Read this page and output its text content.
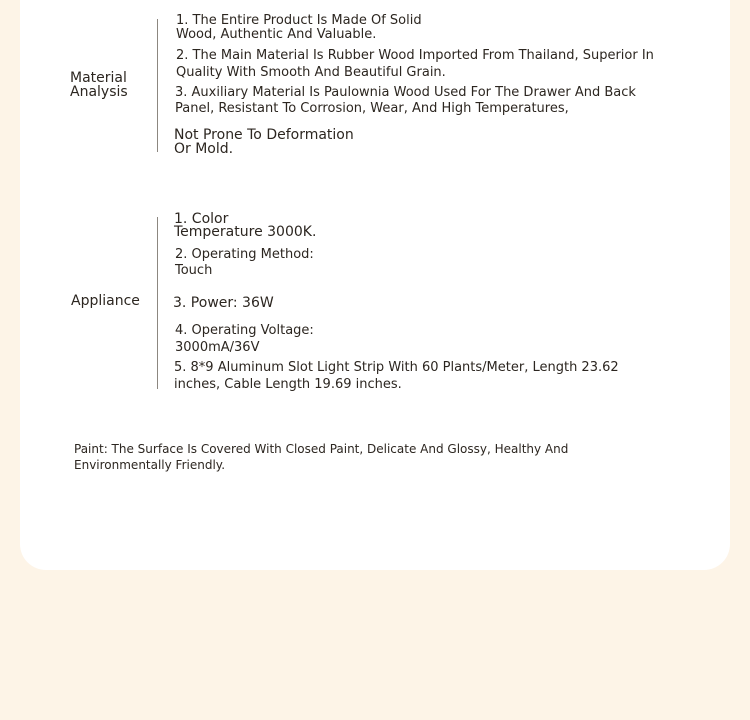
Material

Analysis

1. The Entire Product Is Made Of Solid

Wood, Authentic And Valuable.

2. The Main Material Is Rubber Wood Imported From Thailand, Superior In

Quality With Smooth And Beautiful Grain.

3. Auxiliary Material Is Paulownia Wood Used For The Drawer And Back

Panel, Resistant To Corrosion, Wear, And High Temperatures,

Not Prone To Deformation

Or Mold.

Appliance

1. Color

Temperature 3000K.

2. Operating Method:

Touch

3. Power: 36W

4. Operating Voltage:

3000mA/36V

5. 8*9 Aluminum Slot Light Strip With 60 Plants/Meter, Length 23.62

inches, Cable Length 19.69 inches.

Paint: The Surface Is Covered With Closed Paint, Delicate And Glossy, Healthy And

Environmentally Friendly.
